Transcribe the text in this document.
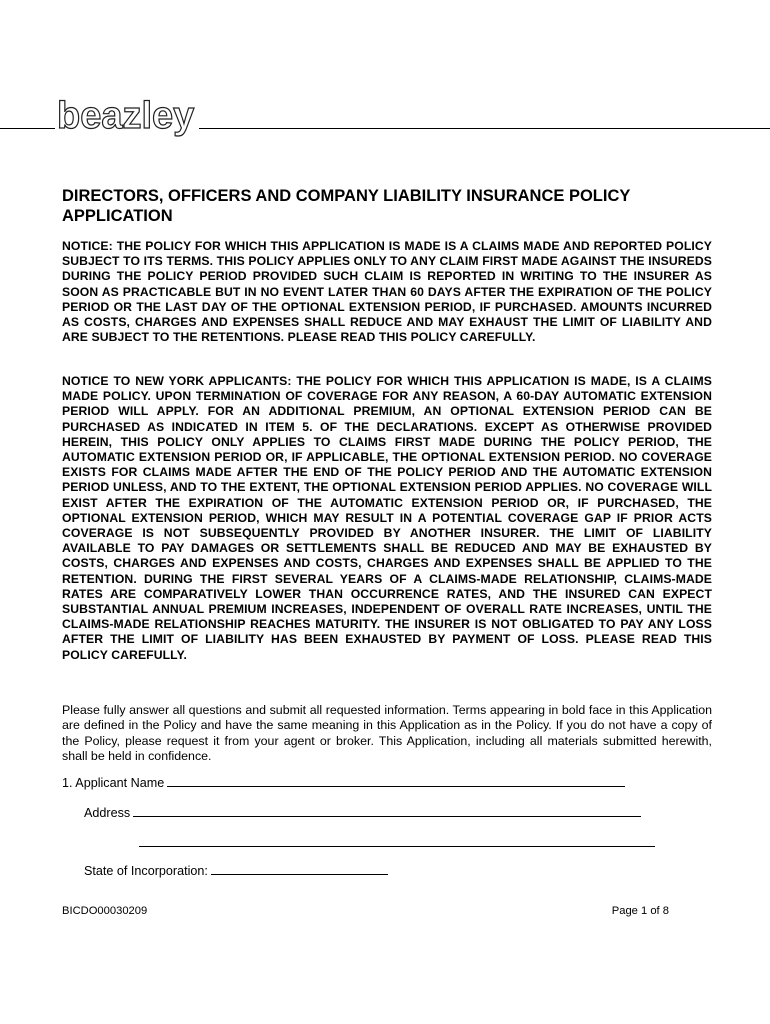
beazley
DIRECTORS, OFFICERS AND COMPANY LIABILITY INSURANCE POLICY APPLICATION

NOTICE: THE POLICY FOR WHICH THIS APPLICATION IS MADE IS A CLAIMS MADE AND REPORTED POLICY SUBJECT TO ITS TERMS. THIS POLICY APPLIES ONLY TO ANY CLAIM FIRST MADE AGAINST THE INSUREDS DURING THE POLICY PERIOD PROVIDED SUCH CLAIM IS REPORTED IN WRITING TO THE INSURER AS SOON AS PRACTICABLE BUT IN NO EVENT LATER THAN 60 DAYS AFTER THE EXPIRATION OF THE POLICY PERIOD OR THE LAST DAY OF THE OPTIONAL EXTENSION PERIOD, IF PURCHASED. AMOUNTS INCURRED AS COSTS, CHARGES AND EXPENSES SHALL REDUCE AND MAY EXHAUST THE LIMIT OF LIABILITY AND ARE SUBJECT TO THE RETENTIONS. PLEASE READ THIS POLICY CAREFULLY.

NOTICE TO NEW YORK APPLICANTS: THE POLICY FOR WHICH THIS APPLICATION IS MADE, IS A CLAIMS MADE POLICY. UPON TERMINATION OF COVERAGE FOR ANY REASON, A 60-DAY AUTOMATIC EXTENSION PERIOD WILL APPLY. FOR AN ADDITIONAL PREMIUM, AN OPTIONAL EXTENSION PERIOD CAN BE PURCHASED AS INDICATED IN ITEM 5. OF THE DECLARATIONS. EXCEPT AS OTHERWISE PROVIDED HEREIN, THIS POLICY ONLY APPLIES TO CLAIMS FIRST MADE DURING THE POLICY PERIOD, THE AUTOMATIC EXTENSION PERIOD OR, IF APPLICABLE, THE OPTIONAL EXTENSION PERIOD. NO COVERAGE EXISTS FOR CLAIMS MADE AFTER THE END OF THE POLICY PERIOD AND THE AUTOMATIC EXTENSION PERIOD UNLESS, AND TO THE EXTENT, THE OPTIONAL EXTENSION PERIOD APPLIES. NO COVERAGE WILL EXIST AFTER THE EXPIRATION OF THE AUTOMATIC EXTENSION PERIOD OR, IF PURCHASED, THE OPTIONAL EXTENSION PERIOD, WHICH MAY RESULT IN A POTENTIAL COVERAGE GAP IF PRIOR ACTS COVERAGE IS NOT SUBSEQUENTLY PROVIDED BY ANOTHER INSURER. THE LIMIT OF LIABILITY AVAILABLE TO PAY DAMAGES OR SETTLEMENTS SHALL BE REDUCED AND MAY BE EXHAUSTED BY COSTS, CHARGES AND EXPENSES AND COSTS, CHARGES AND EXPENSES SHALL BE APPLIED TO THE RETENTION. DURING THE FIRST SEVERAL YEARS OF A CLAIMS-MADE RELATIONSHIP, CLAIMS-MADE RATES ARE COMPARATIVELY LOWER THAN OCCURRENCE RATES, AND THE INSURED CAN EXPECT SUBSTANTIAL ANNUAL PREMIUM INCREASES, INDEPENDENT OF OVERALL RATE INCREASES, UNTIL THE CLAIMS-MADE RELATIONSHIP REACHES MATURITY. THE INSURER IS NOT OBLIGATED TO PAY ANY LOSS AFTER THE LIMIT OF LIABILITY HAS BEEN EXHAUSTED BY PAYMENT OF LOSS. PLEASE READ THIS POLICY CAREFULLY.

Please fully answer all questions and submit all requested information. Terms appearing in bold face in this Application are defined in the Policy and have the same meaning in this Application as in the Policy. If you do not have a copy of the Policy, please request it from your agent or broker. This Application, including all materials submitted herewith, shall be held in confidence.

1. Applicant Name
Address
State of Incorporation:
BICDO00030209	Page 1 of 8
